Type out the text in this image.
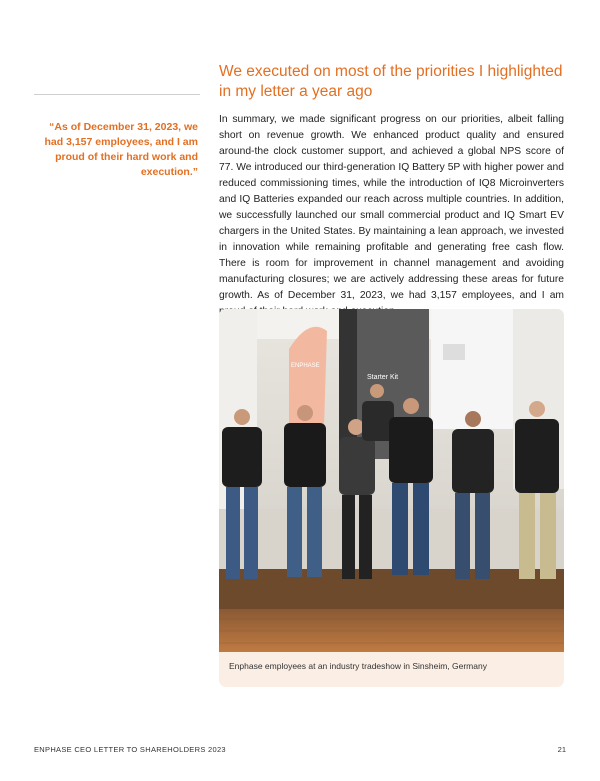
“As of December 31, 2023, we had 3,157 employees, and I am proud of their hard work and execution.”
We executed on most of the priorities I highlighted in my letter a year ago

In summary, we made significant progress on our priorities, albeit falling short on revenue growth. We enhanced product quality and ensured around-the clock customer support, and achieved a global NPS score of 77. We introduced our third-generation IQ Battery 5P with higher power and reduced commissioning times, while the introduction of IQ8 Microinverters and IQ Batteries expanded our reach across multiple countries. In addition, we successfully launched our small commercial product and IQ Smart EV chargers in the United States. By maintaining a lean approach, we invested in innovation while remaining profitable and generating free cash flow. There is room for improvement in channel management and avoiding manufacturing closures; we are actively addressing these areas for future growth. As of December 31, 2023, we had 3,157 employees, and I am

ENPHASE
Starter Kit
Enphase employees at an industry tradeshow in Sinsheim, Germany
ENPHASE CEO LETTER TO SHAREHOLDERS 2023	21
